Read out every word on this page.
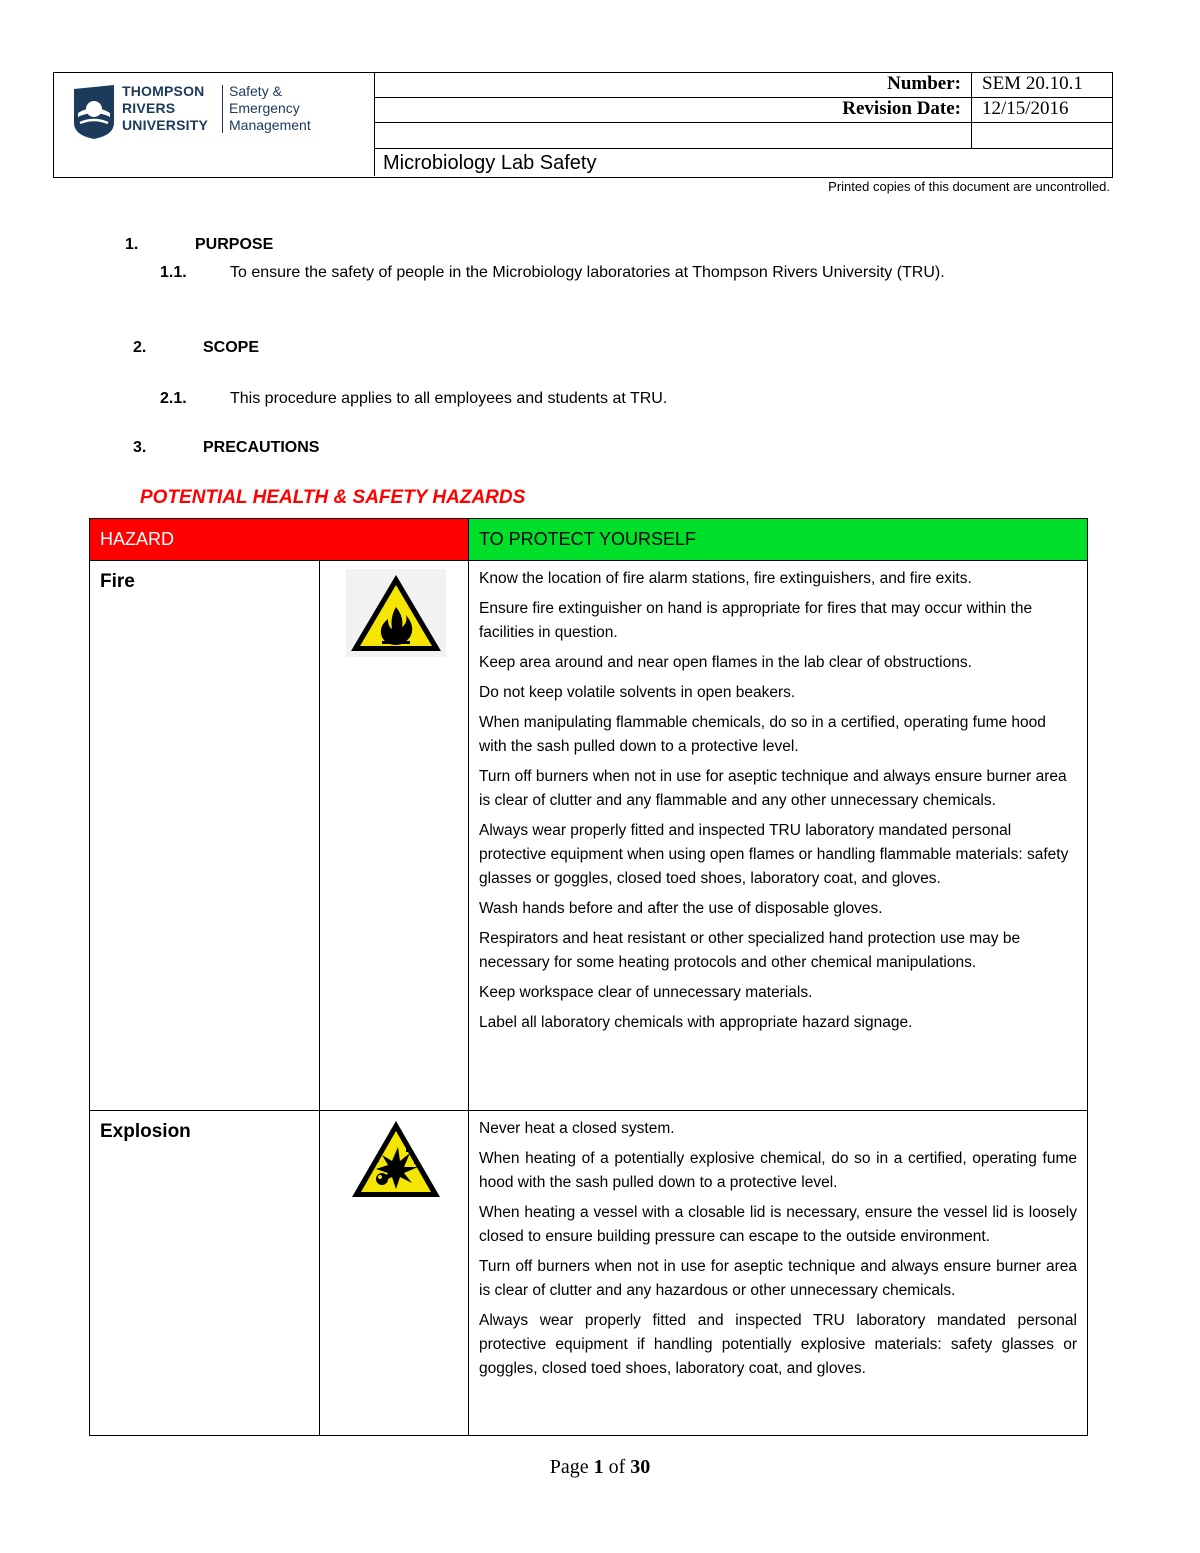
THOMPSON
RIVERS
UNIVERSITY
Safety &
Emergency
Management
Number:	SEM 20.10.1
Revision Date:	12/15/2016
Microbiology Lab Safety
Printed copies of this document are uncontrolled.
1.	PURPOSE
1.1.	To ensure the safety of people in the Microbiology laboratories at Thompson Rivers University (TRU).
2.	SCOPE
2.1.	This procedure applies to all employees and students at TRU.
3.	PRECAUTIONS
POTENTIAL HEALTH & SAFETY HAZARDS
HAZARD	TO PROTECT YOURSELF
Fire	Know the location of fire alarm stations, fire extinguishers, and fire exits.

Ensure fire extinguisher on hand is appropriate for fires that may occur within the facilities in question.

Keep area around and near open flames in the lab clear of obstructions.

Do not keep volatile solvents in open beakers.

When manipulating flammable chemicals, do so in a certified, operating fume hood with the sash pulled down to a protective level.

Turn off burners when not in use for aseptic technique and always ensure burner area is clear of clutter and any flammable and any other unnecessary chemicals.

Always wear properly fitted and inspected TRU laboratory mandated personal protective equipment when using open flames or handling flammable materials: safety glasses or goggles, closed toed shoes, laboratory coat, and gloves.

Wash hands before and after the use of disposable gloves.

Respirators and heat resistant or other specialized hand protection use may be necessary for some heating protocols and other chemical manipulations.

Keep workspace clear of unnecessary materials.

Label all laboratory chemicals with appropriate hazard signage.

Explosion	Never heat a closed system.

When heating of a potentially explosive chemical, do so in a certified, operating fume hood with the sash pulled down to a protective level.

When heating a vessel with a closable lid is necessary, ensure the vessel lid is loosely closed to ensure building pressure can escape to the outside environment.

Turn off burners when not in use for aseptic technique and always ensure burner area is clear of clutter and any hazardous or other unnecessary chemicals.

Always wear properly fitted and inspected TRU laboratory mandated personal protective equipment if handling potentially explosive materials: safety glasses or goggles, closed toed shoes, laboratory coat, and gloves.

Page 1 of 30
